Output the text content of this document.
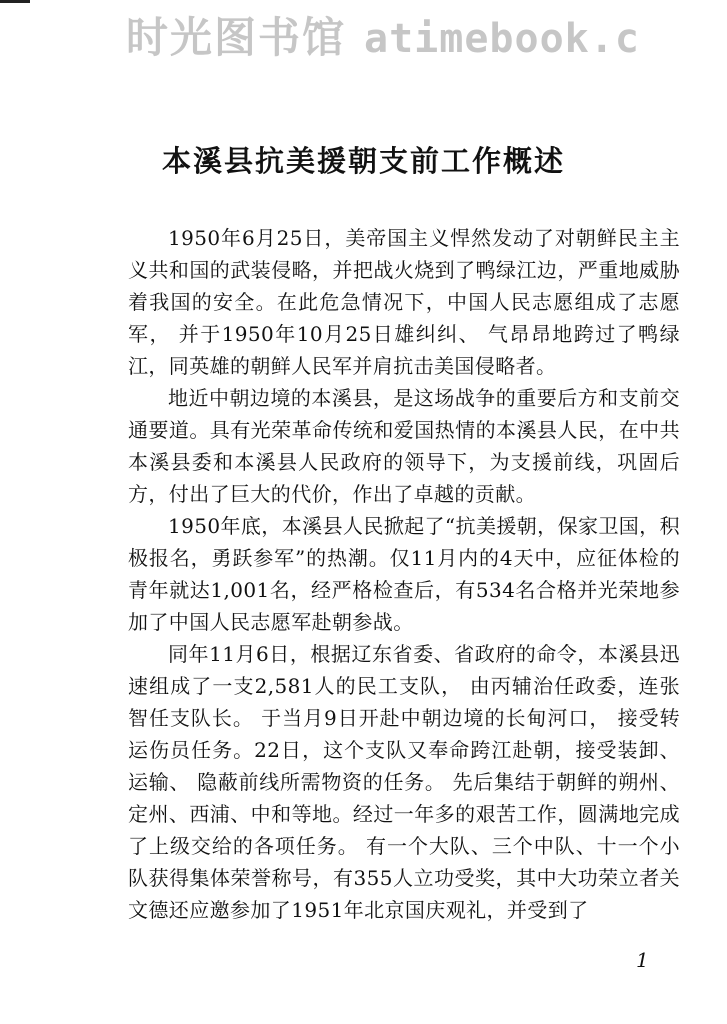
时光图书馆 atimebook.c
本溪县抗美援朝支前工作概述

1950年6月25日，美帝国主义悍然发动了对朝鲜民主主义共和国的武装侵略，并把战火烧到了鸭绿江边，严重地威胁着我国的安全。在此危急情况下，中国人民志愿组成了志愿军， 并于1950年10月25日雄纠纠、 气昂昂地跨过了鸭绿江，同英雄的朝鲜人民军并肩抗击美国侵略者。

地近中朝边境的本溪县，是这场战争的重要后方和支前交通要道。具有光荣革命传统和爱国热情的本溪县人民，在中共本溪县委和本溪县人民政府的领导下，为支援前线，巩固后方，付出了巨大的代价，作出了卓越的贡献。

1950年底，本溪县人民掀起了“抗美援朝，保家卫国，积极报名，勇跃参军”的热潮。仅11月内的4天中，应征体检的青年就达1,001名，经严格检查后，有534名合格并光荣地参加了中国人民志愿军赴朝参战。

同年11月6日，根据辽东省委、省政府的命令，本溪县迅速组成了一支2,581人的民工支队， 由丙辅治任政委，连张智任支队长。 于当月9日开赴中朝边境的长甸河口， 接受转运伤员任务。22日，这个支队又奉命跨江赴朝，接受装卸、运输、 隐蔽前线所需物资的任务。 先后集结于朝鲜的朔州、定州、西浦、中和等地。经过一年多的艰苦工作，圆满地完成了上级交给的各项任务。 有一个大队、三个中队、十一个小队获得集体荣誉称号，有355人立功受奖，其中大功荣立者关文德还应邀参加了1951年北京国庆观礼，并受到了

1
